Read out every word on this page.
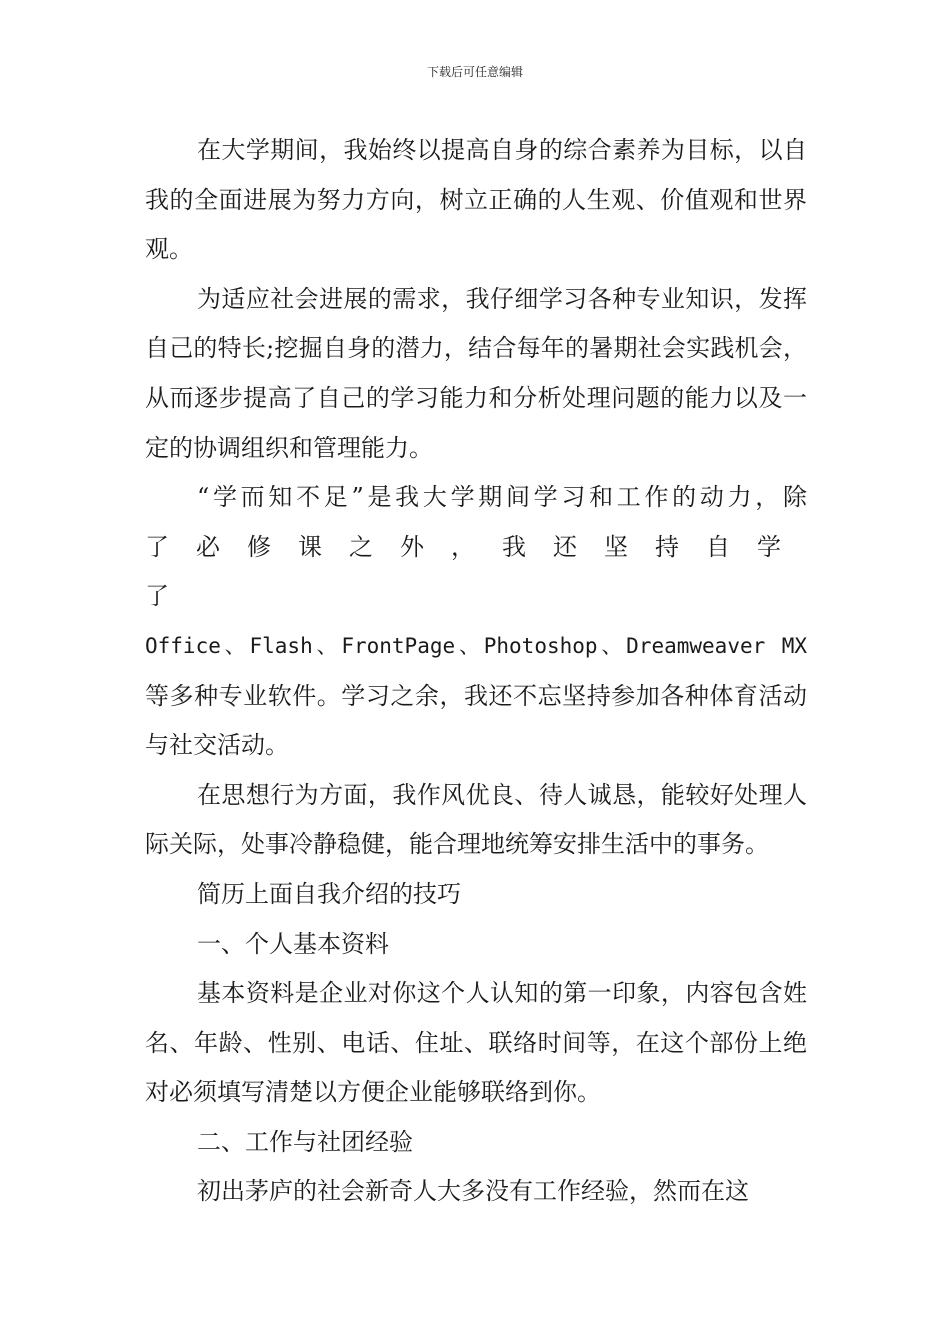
下载后可任意编辑

在大学期间，我始终以提高自身的综合素养为目标，以自我的全面进展为努力方向，树立正确的人生观、价值观和世界观。

为适应社会进展的需求，我仔细学习各种专业知识，发挥自己的特长;挖掘自身的潜力，结合每年的暑期社会实践机会，从而逐步提高了自己的学习能力和分析处理问题的能力以及一定的协调组织和管理能力。

“学而知不足”是我大学期间学习和工作的动力，除
了必修课之外，我还坚持自学了
Office、Flash、FrontPage、Photoshop、Dreamweaver MX
等多种专业软件。学习之余，我还不忘坚持参加各种体育活动与社交活动。

在思想行为方面，我作风优良、待人诚恳，能较好处理人际关际，处事冷静稳健，能合理地统筹安排生活中的事务。

简历上面自我介绍的技巧

一、个人基本资料

基本资料是企业对你这个人认知的第一印象，内容包含姓名、年龄、性别、电话、住址、联络时间等，在这个部份上绝对必须填写清楚以方便企业能够联络到你。

二、工作与社团经验

初出茅庐的社会新奇人大多没有工作经验，然而在这
